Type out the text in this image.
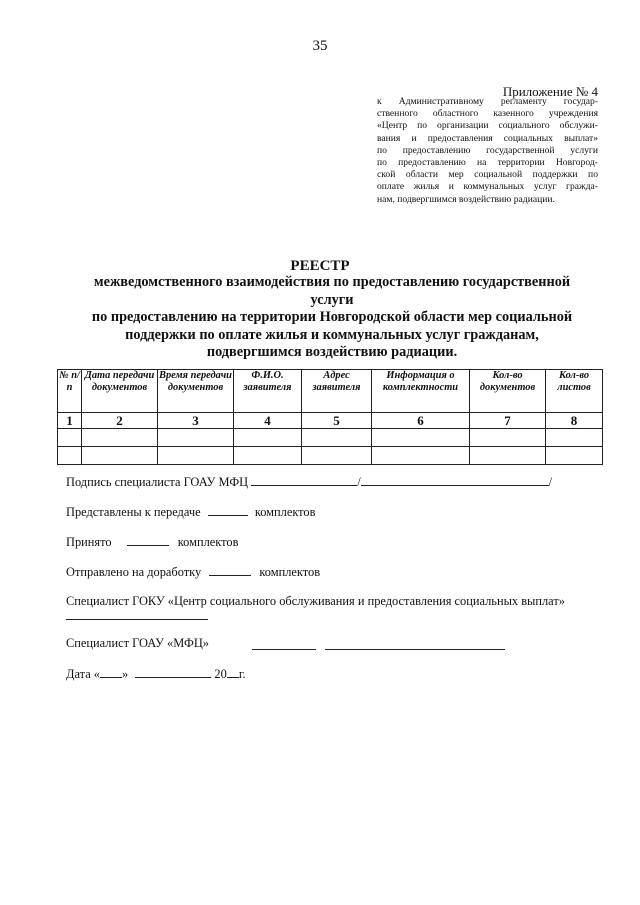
35
Приложение № 4
к Административному регламенту государ-
ственного областного казенного учреждения
«Центр по организации социального обслужи-
вания и предоставления социальных выплат»
по предоставлению государственной услуги
по предоставлению на территории Новгород-
ской области мер социальной поддержки по
оплате жилья и коммунальных услуг гражда-
нам, подвергшимся воздействию радиации.
РЕЕСТР
межведомственного взаимодействия по предоставлению государственной
услуги
по предоставлению на территории Новгородской области мер социальной
поддержки по оплате жилья и коммунальных услуг гражданам,
подвергшимся воздействию радиации.
№ п/ п	Дата передачи документов	Время передачи документов	Ф.И.О. заявителя	Адрес заявителя	Информация о комплектности	Кол-во документов	Кол-во листов
1	2	3	4	5	6	7	8

Подпись специалиста ГОАУ МФЦ	/	/
Представлены к передаче	комплектов
Принято	комплектов
Отправлено на доработку	комплектов
Специалист ГОКУ «Центр социального обслуживания и предоставления социальных выплат»
Специалист ГОАУ «МФЦ»
Дата « »	20 г.
